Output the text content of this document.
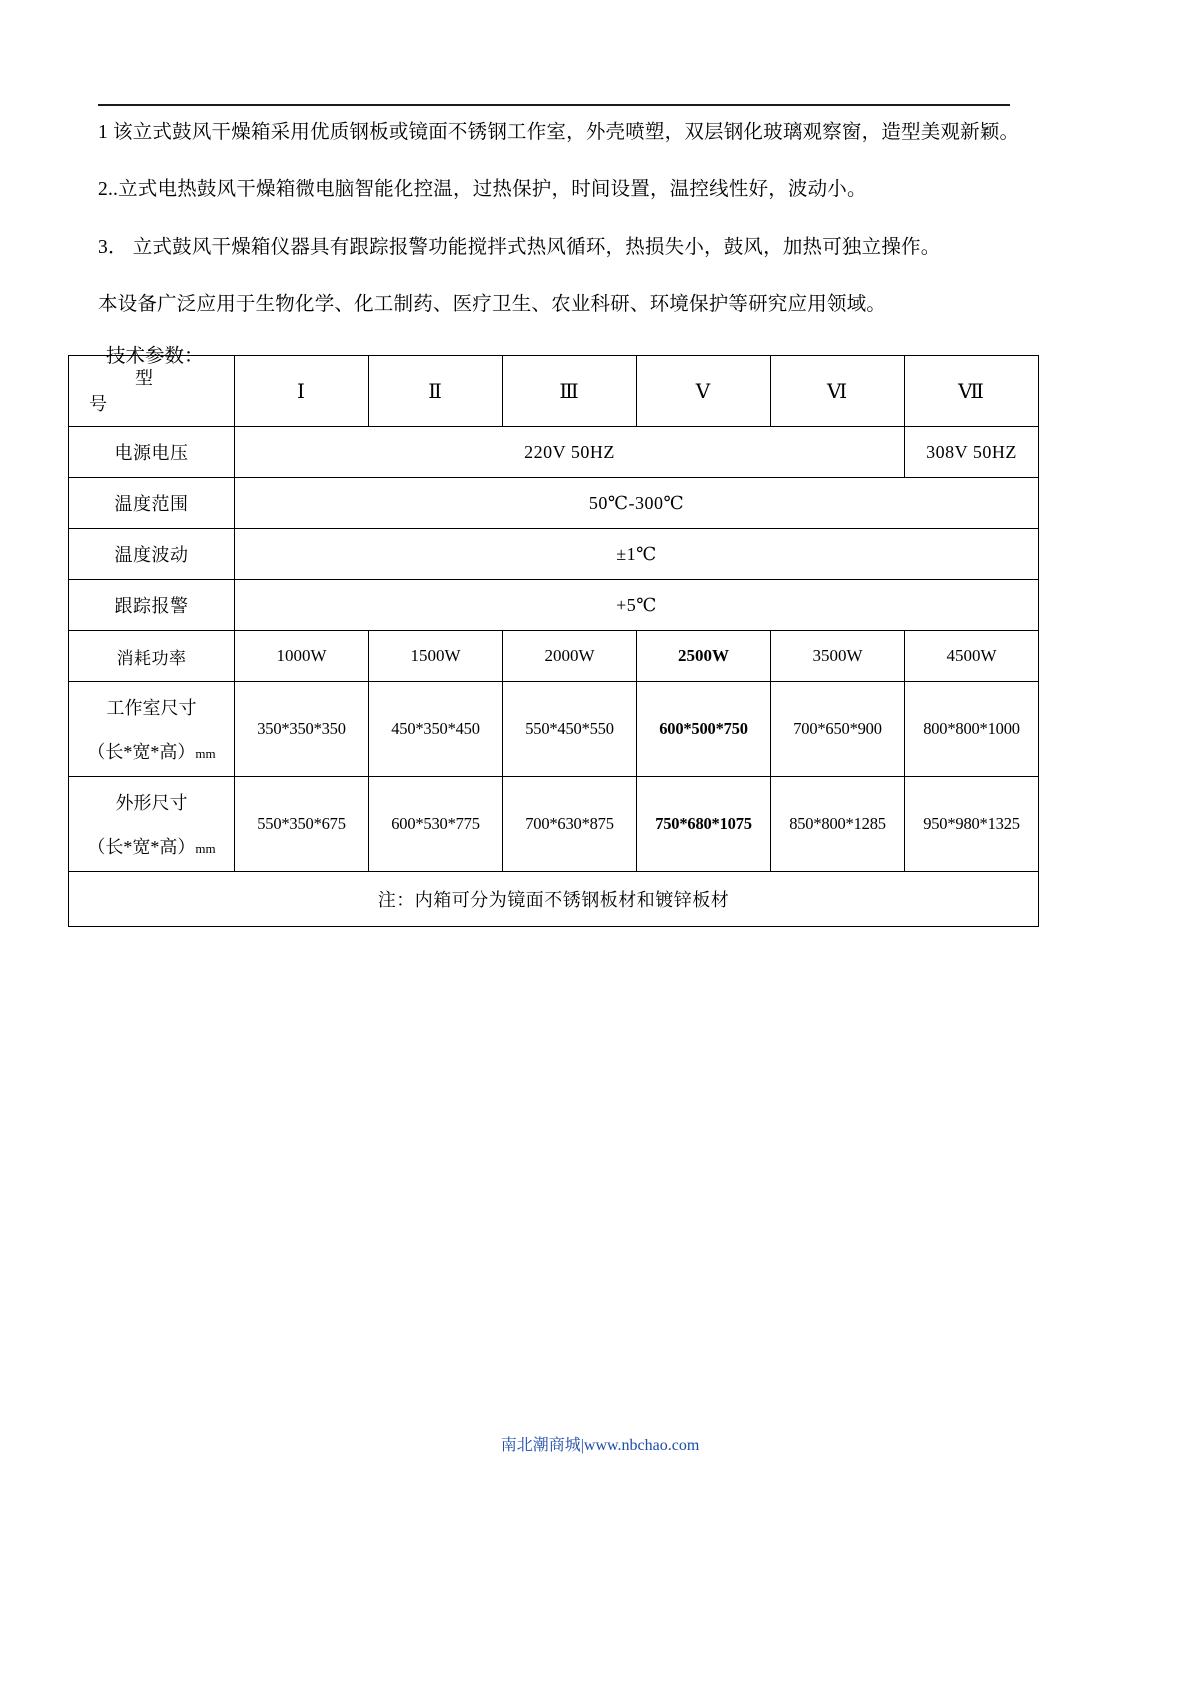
1 该立式鼓风干燥箱采用优质钢板或镜面不锈钢工作室，外壳喷塑，双层钢化玻璃观察窗，造型美观新颖。

2..立式电热鼓风干燥箱微电脑智能化控温，过热保护，时间设置，温控线性好，波动小。

3． 立式鼓风干燥箱仪器具有跟踪报警功能搅拌式热风循环，热损失小，鼓风，加热可独立操作。

本设备广泛应用于生物化学、化工制药、医疗卫生、农业科研、环境保护等研究应用领域。

技术参数：
型
号	Ⅰ	Ⅱ	Ⅲ	Ⅴ	Ⅵ	Ⅶ
电源电压	220V 50HZ					308V 50HZ
温度范围	50℃-300℃					
温度波动	±1℃					
跟踪报警	+5℃					
消耗功率	1000W	1500W	2000W	2500W	3500W	4500W

工作室尺寸
（长*宽*高）mm	350*350*350	450*350*450	550*450*550	600*500*750	700*650*900	800*800*1000

外形尺寸
（长*宽*高）mm	550*350*675	600*530*775	700*630*875	750*680*1075	850*800*1285	950*980*1325
注：内箱可分为镜面不锈钢板材和镀锌板材						
南北潮商城|www.nbchao.com
